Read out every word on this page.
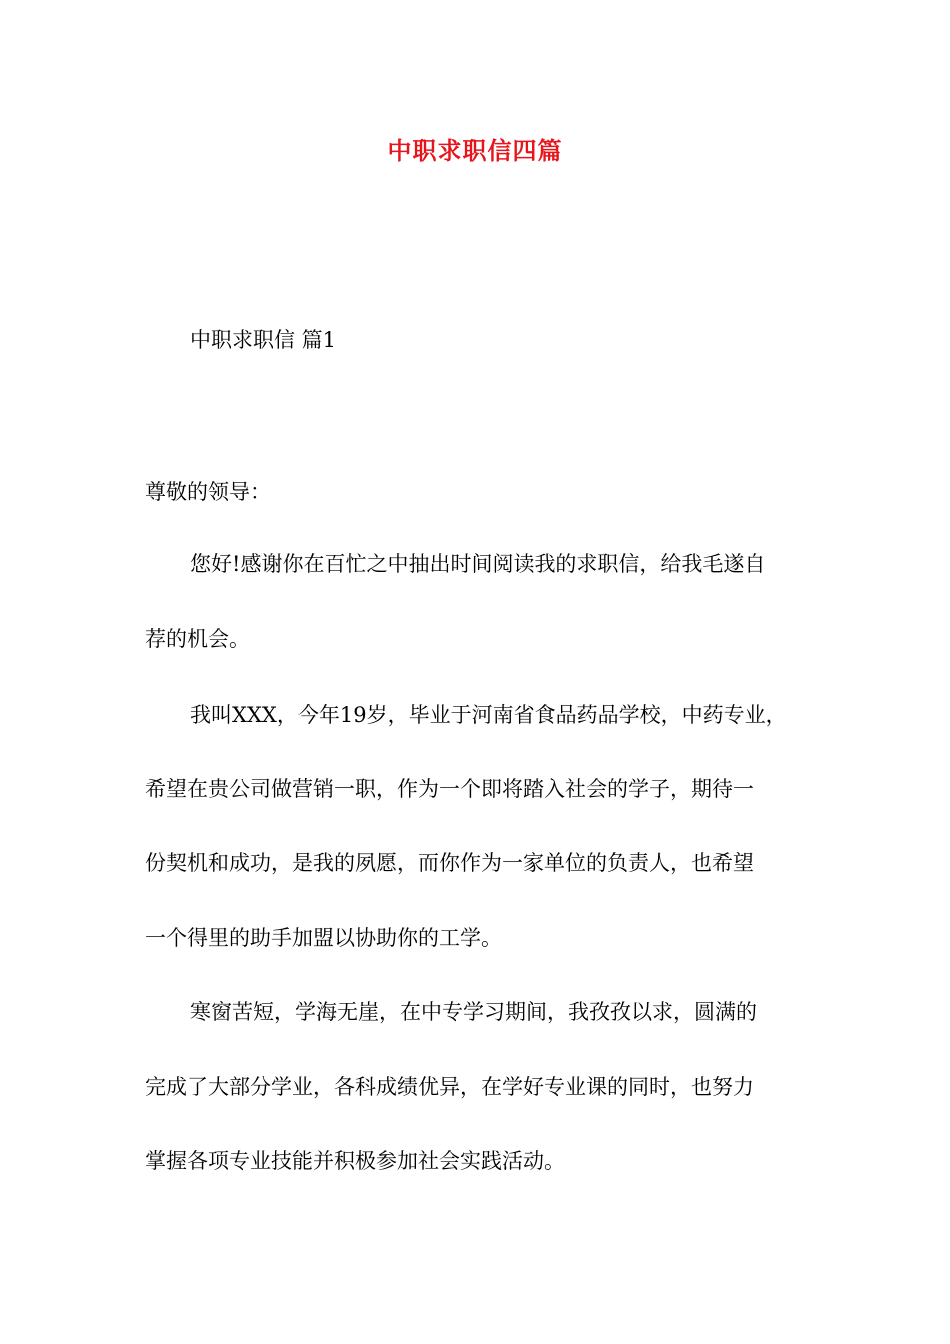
中职求职信四篇
中职求职信 篇1
尊敬的领导：
您好!感谢你在百忙之中抽出时间阅读我的求职信，给我毛遂自
荐的机会。
我叫XXX，今年19岁，毕业于河南省食品药品学校，中药专业，
希望在贵公司做营销一职，作为一个即将踏入社会的学子，期待一
份契机和成功，是我的夙愿，而你作为一家单位的负责人，也希望
一个得里的助手加盟以协助你的工学。
寒窗苦短，学海无崖，在中专学习期间，我孜孜以求，圆满的
完成了大部分学业，各科成绩优异，在学好专业课的同时，也努力
掌握各项专业技能并积极参加社会实践活动。
